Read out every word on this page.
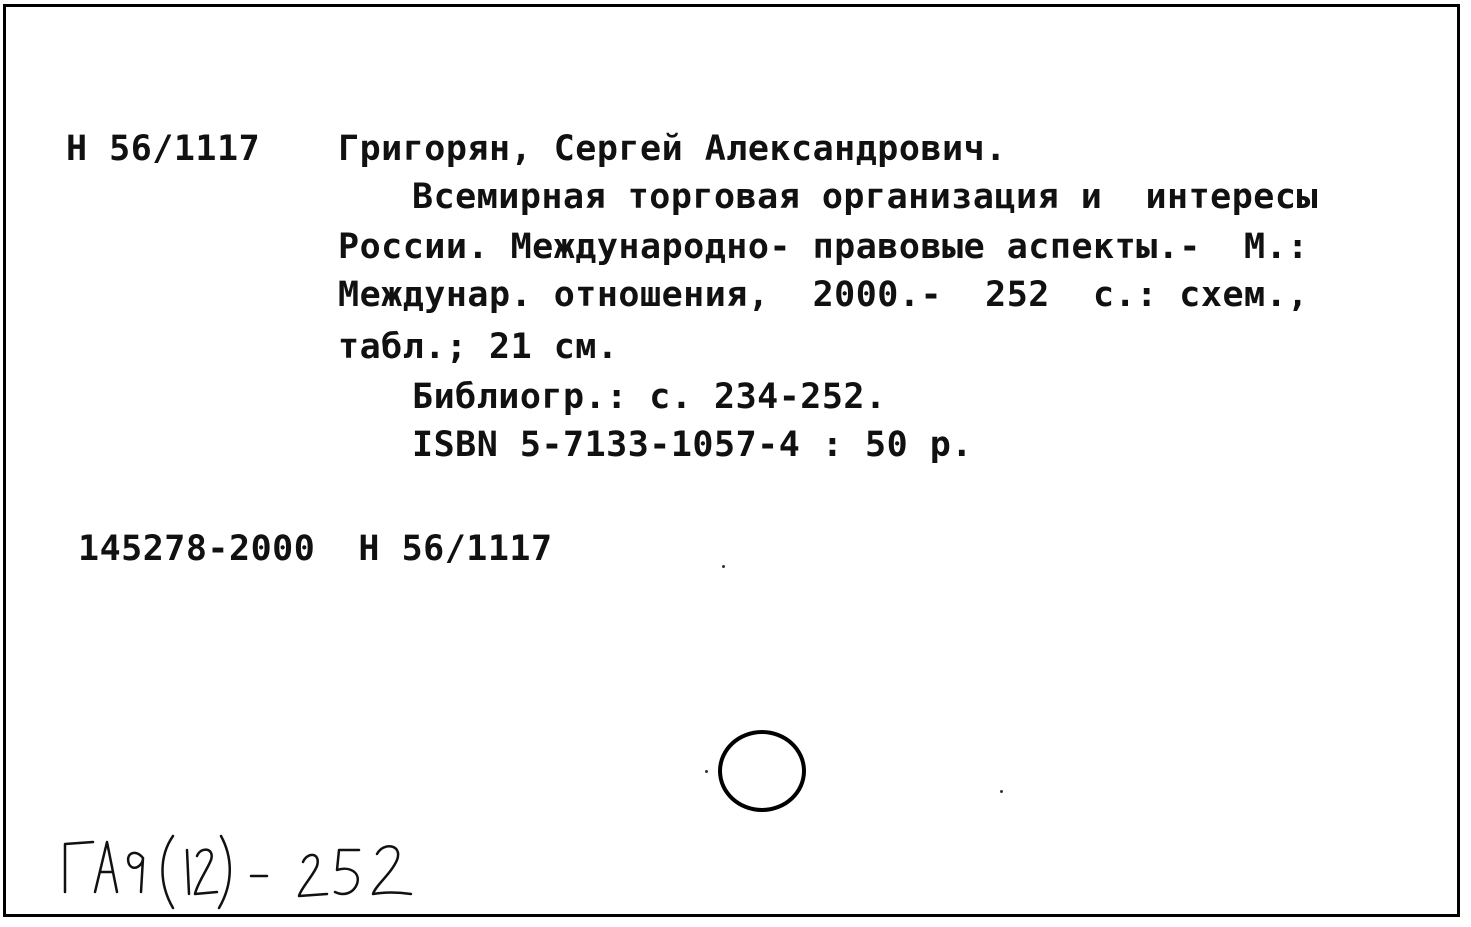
Н 56/1117 Григорян, Сергей Александрович.
Всемирная торговая организация и  интересы
России. Международно- правовые аспекты.-  М.:
Междунар. отношения,  2000.-  252  с.: схем.,
табл.; 21 см.
Библиогр.: с. 234-252.
ISBN 5-7133-1057-4 : 50 р.
145278-2000  Н 56/1117
